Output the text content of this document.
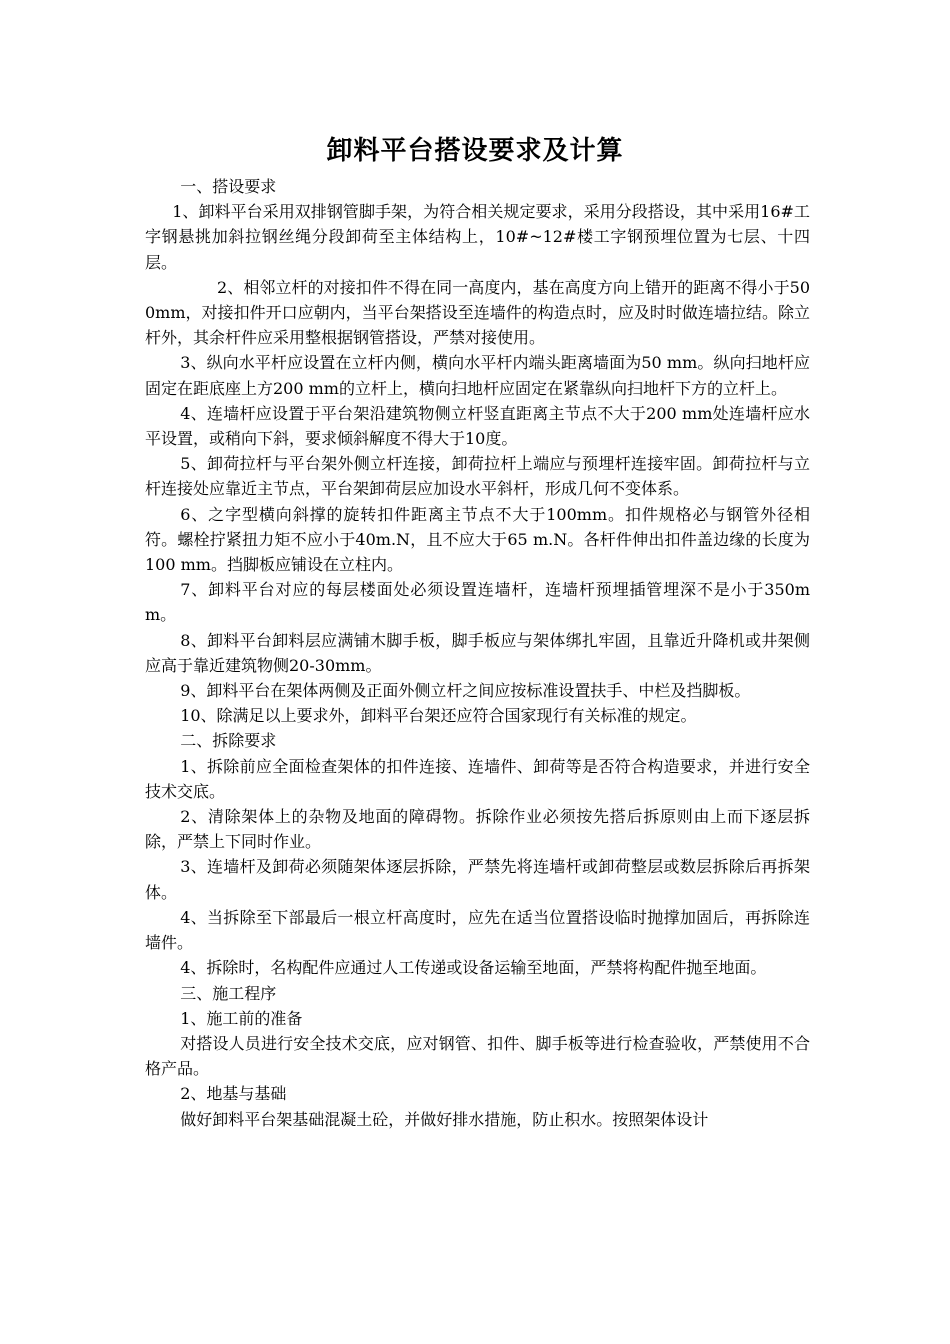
卸料平台搭设要求及计算

一、搭设要求

1、卸料平台采用双排钢管脚手架，为符合相关规定要求，采用分段搭设，其中采用16#工字钢悬挑加斜拉钢丝绳分段卸荷至主体结构上，10#~12#楼工字钢预埋位置为七层、十四层。

2、相邻立杆的对接扣件不得在同一高度内，基在高度方向上错开的距离不得小于500mm，对接扣件开口应朝内，当平台架搭设至连墙件的构造点时，应及时时做连墙拉结。除立杆外，其余杆件应采用整根据钢管搭设，严禁对接使用。

3、纵向水平杆应设置在立杆内侧，横向水平杆内端头距离墙面为50 mm。纵向扫地杆应固定在距底座上方200 mm的立杆上，横向扫地杆应固定在紧靠纵向扫地杆下方的立杆上。

4、连墙杆应设置于平台架沿建筑物侧立杆竖直距离主节点不大于200 mm处连墙杆应水平设置，或稍向下斜，要求倾斜解度不得大于10度。

5、卸荷拉杆与平台架外侧立杆连接，卸荷拉杆上端应与预埋杆连接牢固。卸荷拉杆与立杆连接处应靠近主节点，平台架卸荷层应加设水平斜杆，形成几何不变体系。

6、之字型横向斜撑的旋转扣件距离主节点不大于100mm。扣件规格必与钢管外径相符。螺栓拧紧扭力矩不应小于40m.N，且不应大于65 m.N。各杆件伸出扣件盖边缘的长度为100 mm。挡脚板应铺设在立柱内。

7、卸料平台对应的每层楼面处必须设置连墙杆，连墙杆预埋插管埋深不是小于350mm。

8、卸料平台卸料层应满铺木脚手板，脚手板应与架体绑扎牢固，且靠近升降机或井架侧应高于靠近建筑物侧20-30mm。

9、卸料平台在架体两侧及正面外侧立杆之间应按标准设置扶手、中栏及挡脚板。

10、除满足以上要求外，卸料平台架还应符合国家现行有关标准的规定。

二、拆除要求

1、拆除前应全面检查架体的扣件连接、连墙件、卸荷等是否符合构造要求，并进行安全技术交底。

2、清除架体上的杂物及地面的障碍物。拆除作业必须按先搭后拆原则由上而下逐层拆除，严禁上下同时作业。

3、连墙杆及卸荷必须随架体逐层拆除，严禁先将连墙杆或卸荷整层或数层拆除后再拆架体。

4、当拆除至下部最后一根立杆高度时，应先在适当位置搭设临时抛撑加固后，再拆除连墙件。

4、拆除时，名构配件应通过人工传递或设备运输至地面，严禁将构配件抛至地面。

三、施工程序

1、施工前的准备

对搭设人员进行安全技术交底，应对钢管、扣件、脚手板等进行检查验收，严禁使用不合格产品。

2、地基与基础

做好卸料平台架基础混凝土砼，并做好排水措施，防止积水。按照架体设计
